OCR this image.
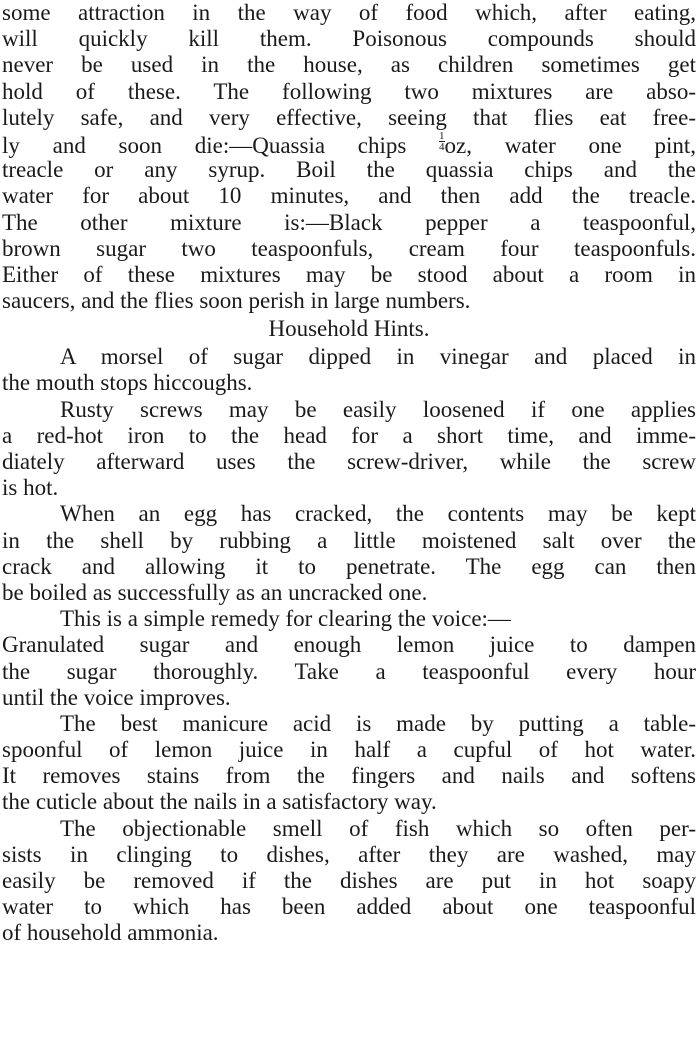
some attraction in the way of food which, after eating,
will quickly kill them. Poisonous compounds should
never be used in the house, as children sometimes get
hold of these. The following two mixtures are abso-
lutely safe, and very effective, seeing that flies eat free-
ly and soon die:—Quassia chips $\frac{1}{4}$ oz, water one pint,
treacle or any syrup. Boil the quassia chips and the
water for about 10 minutes, and then add the treacle.
The other mixture is:—Black pepper a teaspoonful,
brown sugar two teaspoonfuls, cream four teaspoonfuls.
Either of these mixtures may be stood about a room in
saucers, and the flies soon perish in large numbers.
Household Hints.
A morsel of sugar dipped in vinegar and placed in
the mouth stops hiccoughs.
Rusty screws may be easily loosened if one applies
a red-hot iron to the head for a short time, and imme-
diately afterward uses the screw-driver, while the screw
is hot.
When an egg has cracked, the contents may be kept
in the shell by rubbing a little moistened salt over the
crack and allowing it to penetrate. The egg can then
be boiled as successfully as an uncracked one.
This is a simple remedy for clearing the voice:—
Granulated sugar and enough lemon juice to dampen
the sugar thoroughly. Take a teaspoonful every hour
until the voice improves.
The best manicure acid is made by putting a table-
spoonful of lemon juice in half a cupful of hot water.
It removes stains from the fingers and nails and softens
the cuticle about the nails in a satisfactory way.
The objectionable smell of fish which so often per-
sists in clinging to dishes, after they are washed, may
easily be removed if the dishes are put in hot soapy
water to which has been added about one teaspoonful
of household ammonia.
